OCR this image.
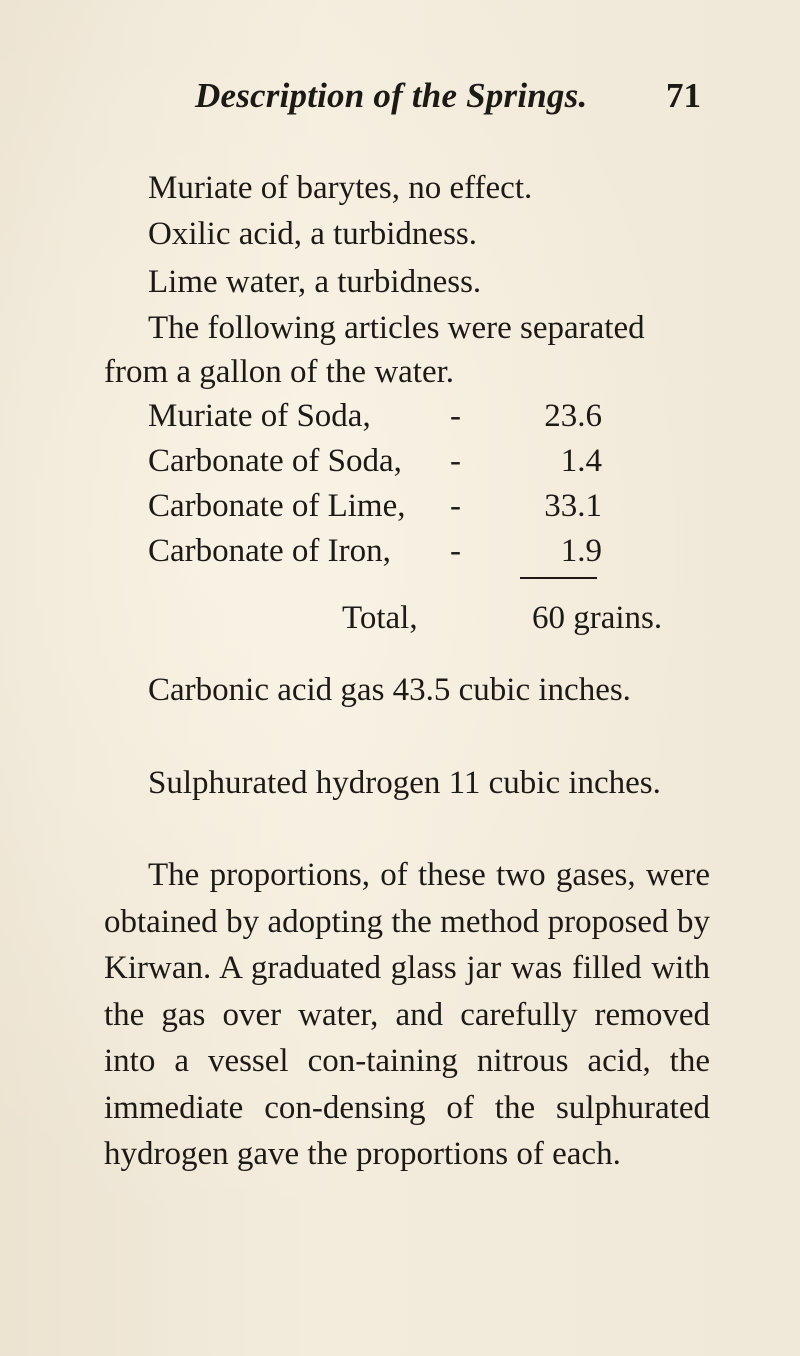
Description of the Springs. 71
Muriate of barytes, no effect.
Oxilic acid, a turbidness.
Lime water, a turbidness.
The following articles were separated
from a gallon of the water.
Muriate of Soda, -	23.6
Carbonate of Soda, -	1.4
Carbonate of Lime, -	33.1
Carbonate of Iron, -	1.9
Total,	60 grains.
Carbonic acid gas 43.5 cubic inches.
Sulphurated hydrogen 11 cubic inches.
The proportions, of these two gases, were obtained by adopting the method proposed by Kirwan. A graduated glass jar was filled with the gas over water, and carefully removed into a vessel con-taining nitrous acid, the immediate con-densing of the sulphurated hydrogen gave the proportions of each.
